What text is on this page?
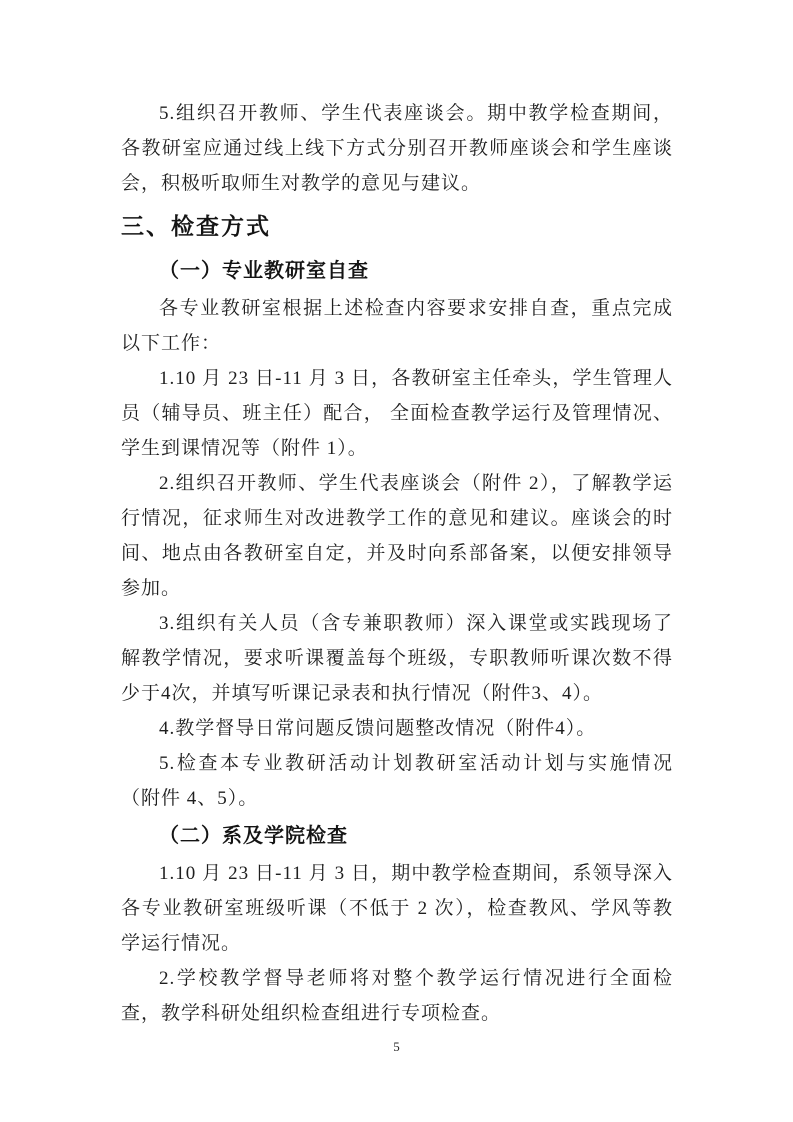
5.组织召开教师、学生代表座谈会。期中教学检查期间，各教研室应通过线上线下方式分别召开教师座谈会和学生座谈会，积极听取师生对教学的意见与建议。

三、检查方式
（一）专业教研室自查

各专业教研室根据上述检查内容要求安排自查，重点完成以下工作：

1.10 月 23 日-11 月 3 日，各教研室主任牵头，学生管理人员（辅导员、班主任）配合， 全面检查教学运行及管理情况、学生到课情况等（附件 1）。

2.组织召开教师、学生代表座谈会（附件 2），了解教学运行情况，征求师生对改进教学工作的意见和建议。座谈会的时间、地点由各教研室自定，并及时向系部备案，以便安排领导参加。

3.组织有关人员（含专兼职教师）深入课堂或实践现场了解教学情况，要求听课覆盖每个班级，专职教师听课次数不得少于4次，并填写听课记录表和执行情况（附件3、4）。

4.教学督导日常问题反馈问题整改情况（附件4）。

5.检查本专业教研活动计划教研室活动计划与实施情况（附件 4、5）。

（二）系及学院检查

1.10 月 23 日-11 月 3 日，期中教学检查期间，系领导深入各专业教研室班级听课（不低于 2 次），检查教风、学风等教学运行情况。

2.学校教学督导老师将对整个教学运行情况进行全面检查，教学科研处组织检查组进行专项检查。

5
